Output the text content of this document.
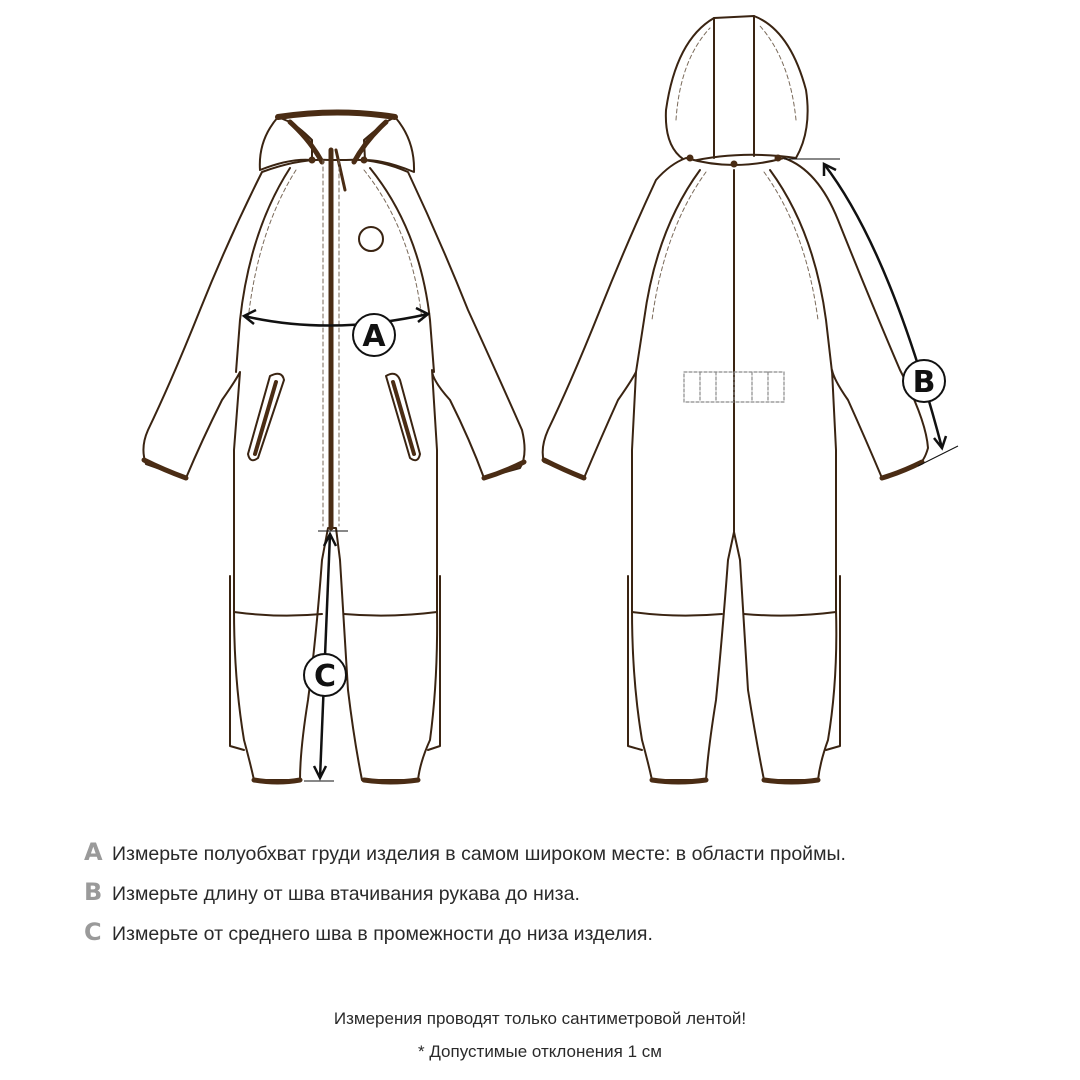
A
B
C
A Измерьте полуобхват груди изделия в самом широком месте: в области проймы.
B Измерьте длину от шва втачивания рукава до низа.
C Измерьте от среднего шва в промежности до низа изделия.
Измерения проводят только сантиметровой лентой!
* Допустимые отклонения 1 см
